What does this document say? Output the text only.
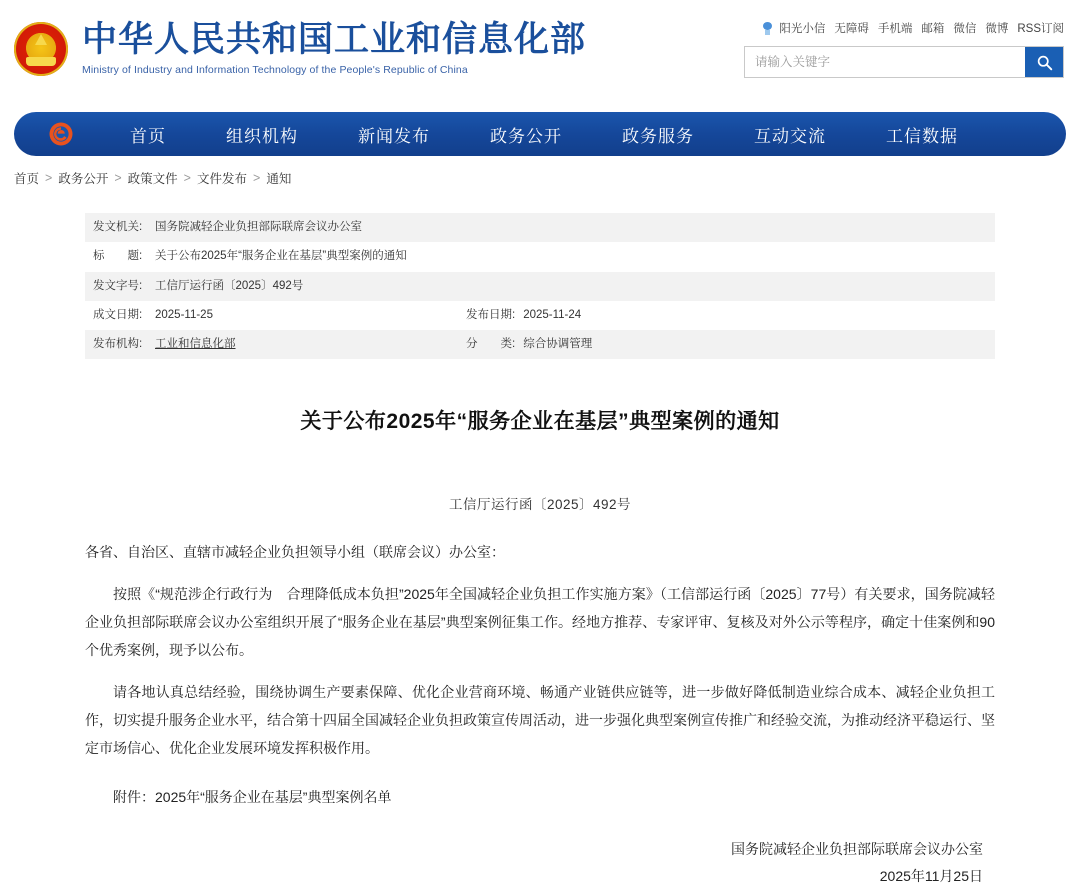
中华人民共和国工业和信息化部
Ministry of Industry and Information Technology of the People's Republic of China
阳光小信 无障碍 手机端 邮箱 微信 微博 RSS订阅
请输入关键字
首页	组织机构	新闻发布	政务公开	政务服务	互动交流	工信数据
首页 > 政务公开 > 政策文件 > 文件发布 > 通知
发文机关:	国务院减轻企业负担部际联席会议办公室		
标　　题:	关于公布2025年“服务企业在基层”典型案例的通知		
发文字号:	工信厅运行函〔2025〕492号		
成文日期:	2025-11-25	发布日期:	2025-11-24
发布机构:	工业和信息化部	分　　类:	综合协调管理
关于公布2025年“服务企业在基层”典型案例的通知
工信厅运行函〔2025〕492号
各省、自治区、直辖市减轻企业负担领导小组（联席会议）办公室：
按照《“规范涉企行政行为　合理降低成本负担”2025年全国减轻企业负担工作实施方案》（工信部运行函〔2025〕77号）有关要求，国务院减轻企业负担部际联席会议办公室组织开展了“服务企业在基层”典型案例征集工作。经地方推荐、专家评审、复核及对外公示等程序，确定十佳案例和90个优秀案例，现予以公布。
请各地认真总结经验，围绕协调生产要素保障、优化企业营商环境、畅通产业链供应链等，进一步做好降低制造业综合成本、减轻企业负担工作，切实提升服务企业水平，结合第十四届全国减轻企业负担政策宣传周活动，进一步强化典型案例宣传推广和经验交流，为推动经济平稳运行、坚定市场信心、优化企业发展环境发挥积极作用。
附件：2025年“服务企业在基层”典型案例名单
国务院减轻企业负担部际联席会议办公室
2025年11月25日
